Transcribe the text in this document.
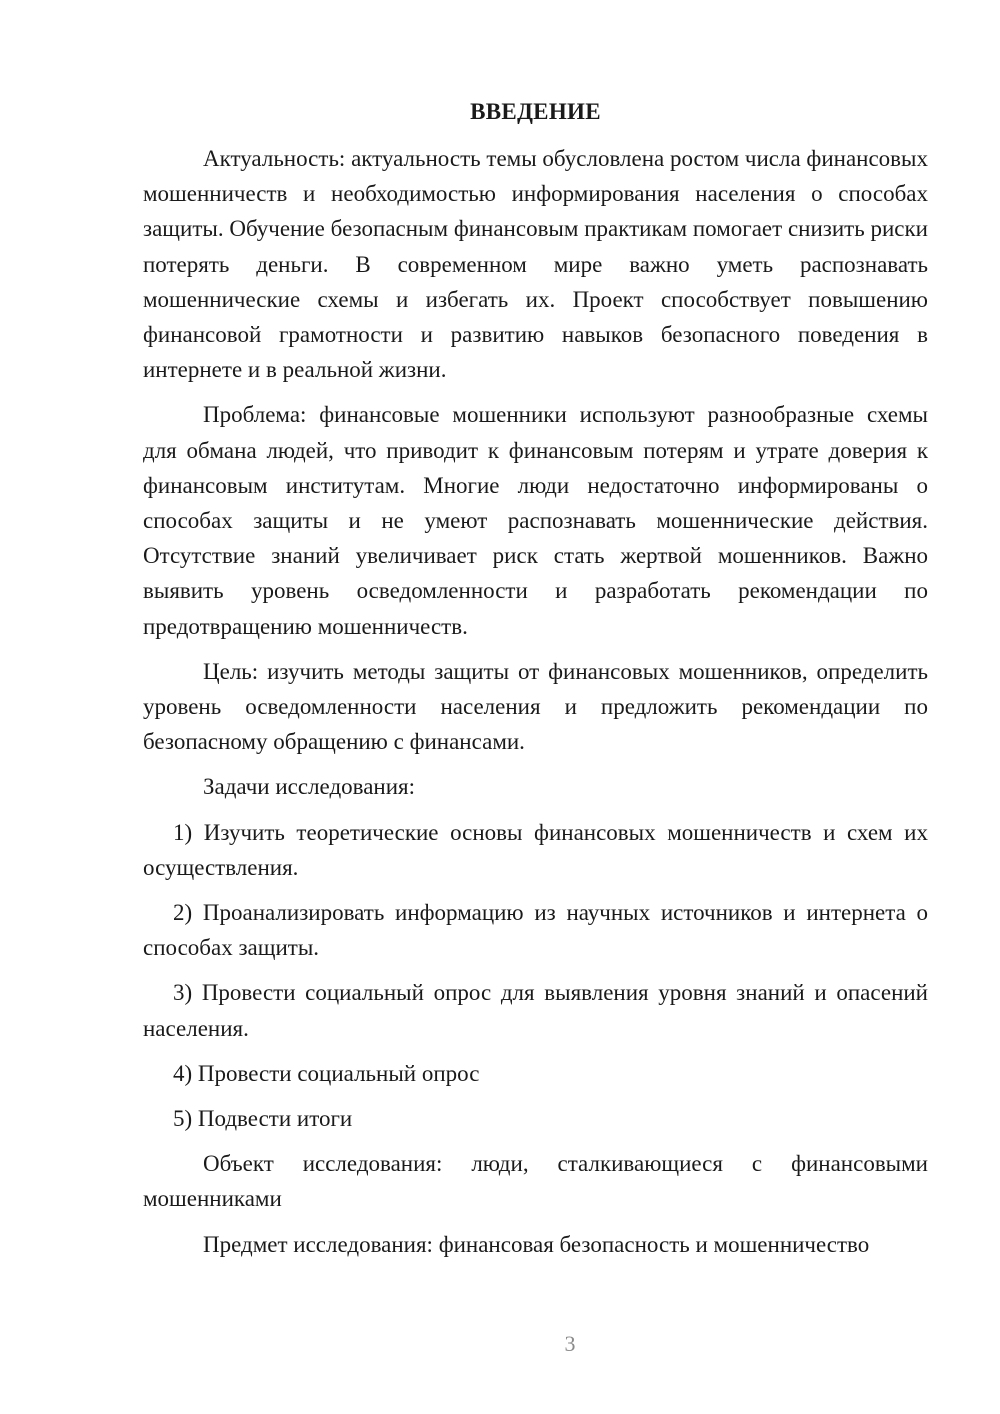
ВВЕДЕНИЕ

Актуальность: актуальность темы обусловлена ростом числа финансовых мошенничеств и необходимостью информирования населения о способах защиты. Обучение безопасным финансовым практикам помогает снизить риски потерять деньги. В современном мире важно уметь распознавать мошеннические схемы и избегать их. Проект способствует повышению финансовой грамотности и развитию навыков безопасного поведения в интернете и в реальной жизни.

Проблема: финансовые мошенники используют разнообразные схемы для обмана людей, что приводит к финансовым потерям и утрате доверия к финансовым институтам. Многие люди недостаточно информированы о способах защиты и не умеют распознавать мошеннические действия. Отсутствие знаний увеличивает риск стать жертвой мошенников. Важно выявить уровень осведомленности и разработать рекомендации по предотвращению мошенничеств.

Цель: изучить методы защиты от финансовых мошенников, определить уровень осведомленности населения и предложить рекомендации по безопасному обращению с финансами.

Задачи исследования:

1) Изучить теоретические основы финансовых мошенничеств и схем их осуществления.

2) Проанализировать информацию из научных источников и интернета о способах защиты.

3) Провести социальный опрос для выявления уровня знаний и опасений населения.

4) Провести социальный опрос

5) Подвести итоги

Объект исследования: люди, сталкивающиеся с финансовыми мошенниками

Предмет исследования: финансовая безопасность и мошенничество

3
